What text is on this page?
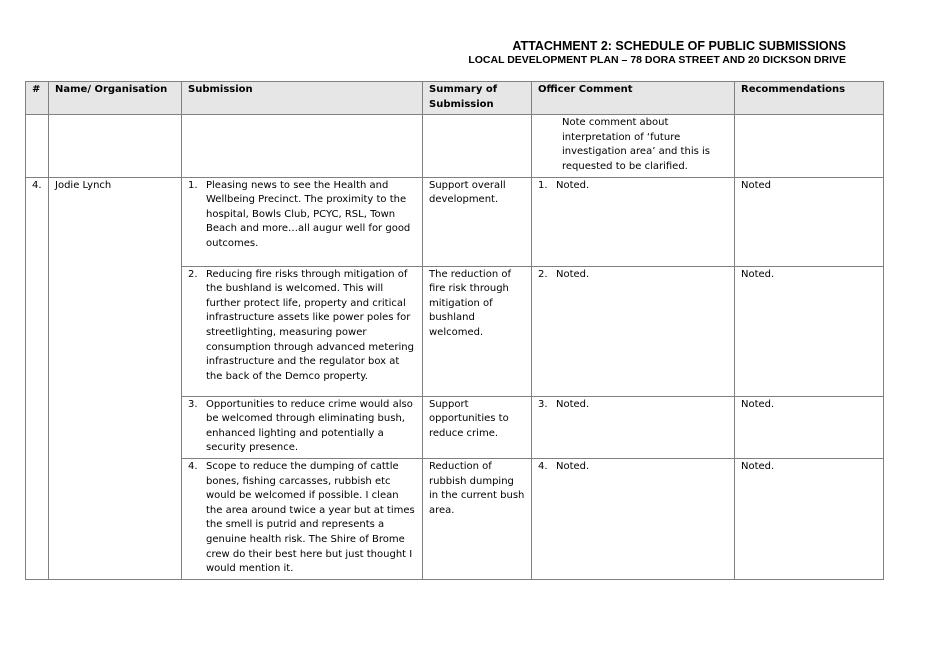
ATTACHMENT 2: SCHEDULE OF PUBLIC SUBMISSIONS
LOCAL DEVELOPMENT PLAN – 78 DORA STREET AND 20 DICKSON DRIVE
#	Name/ Organisation	Submission	Summary of Submission	Officer Comment	Recommendations

				Note comment about interpretation of ‘future investigation area’ and this is requested to be clarified.	

4.	Jodie Lynch	1. Pleasing news to see the Health and Wellbeing Precinct. The proximity to the hospital, Bowls Club, PCYC, RSL, Town Beach and more…all augur well for good outcomes.	Support overall development.	1. Noted.	Noted

		2. Reducing fire risks through mitigation of the bushland is welcomed. This will further protect life, property and critical infrastructure assets like power poles for streetlighting, measuring power consumption through advanced metering infrastructure and the regulator box at the back of the Demco property.	The reduction of fire risk through mitigation of bushland welcomed.	2. Noted.	Noted.

		3. Opportunities to reduce crime would also be welcomed through eliminating bush, enhanced lighting and potentially a security presence.	Support opportunities to reduce crime.	3. Noted.	Noted.

		4. Scope to reduce the dumping of cattle bones, fishing carcasses, rubbish etc would be welcomed if possible. I clean the area around twice a year but at times the smell is putrid and represents a genuine health risk. The Shire of Brome crew do their best here but just thought I would mention it.	Reduction of rubbish dumping in the current bush area.	4. Noted.	Noted.
